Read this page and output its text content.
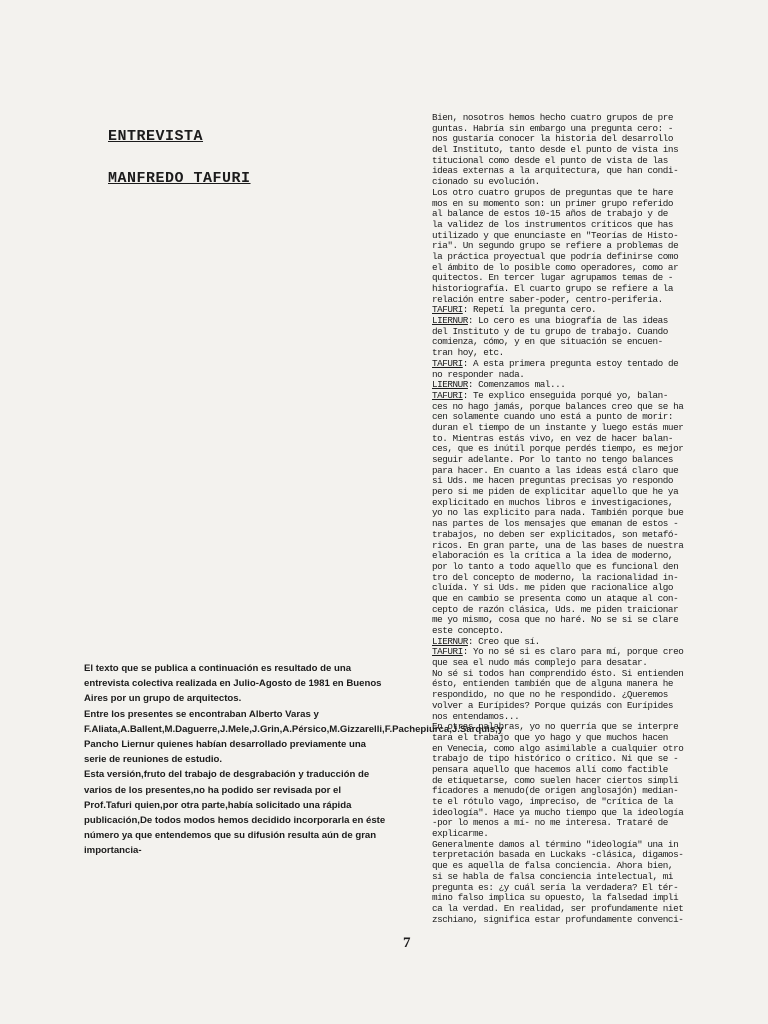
ENTREVISTA
MANFREDO TAFURI

El texto que se publica a continuación es resultado de una entrevista colectiva realizada en Julio-Agosto de 1981 en Buenos Aires por un grupo de arquitectos.

Entre los presentes se encontraban Alberto Varas y F.Aliata,A.Ballent,M.Daguerre,J.Mele,J.Grin,A.Pérsico,M.Gizzarelli,F.Pachepiurca,J.Sarquis,y Pancho Liernur quienes habían desarrollado previamente una serie de reuniones de estudio.

Esta versión,fruto del trabajo de desgrabación y traducción de varios de los presentes,no ha podido ser revisada por el Prof.Tafuri quien,por otra parte,había solicitado una rápida publicación,De todos modos hemos decidido incorporarla en éste número ya que entendemos que su difusión resulta aún de gran importancia-

Bien, nosotros hemos hecho cuatro grupos de pre
guntas. Habría sin embargo una pregunta cero: -
nos gustaría conocer la historia del desarrollo
del Instituto, tanto desde el punto de vista ins
titucional como desde el punto de vista de las
ideas externas a la arquitectura, que han condi-
cionado su evolución.
Los otro cuatro grupos de preguntas que te hare
mos en su momento son: un primer grupo referido
al balance de estos 10-15 años de trabajo y de
la validez de los instrumentos críticos que has
utilizado y que enunciaste en "Teorías de Histo-
ria". Un segundo grupo se refiere a problemas de
la práctica proyectual que podría definirse como
el ámbito de lo posible como operadores, como ar
quitectos. En tercer lugar agrupamos temas de -
historiografía. El cuarto grupo se refiere a la
relación entre saber-poder, centro-periferia.
TAFURI: Repetí la pregunta cero.
LIERNUR: Lo cero es una biografía de las ideas
del Instituto y de tu grupo de trabajo. Cuando
comienza, cómo, y en que situación se encuen-
tran hoy, etc.
TAFURI: A esta primera pregunta estoy tentado de
no responder nada.
LIERNUR: Comenzamos mal...
TAFURI: Te explico enseguida porqué yo, balan-
ces no hago jamás, porque balances creo que se ha
cen solamente cuando uno está a punto de morir:
duran el tiempo de un instante y luego estás muer
to. Mientras estás vivo, en vez de hacer balan-
ces, que es inútil porque perdés tiempo, es mejor
seguir adelante. Por lo tanto no tengo balances
para hacer. En cuanto a las ideas está claro que
si Uds. me hacen preguntas precisas yo respondo
pero si me piden de explicitar aquello que he ya
explicitado en muchos libros e investigaciones,
yo no las explicito para nada. También porque bue
nas partes de los mensajes que emanan de estos -
trabajos, no deben ser explicitados, son metafó-
ricos. En gran parte, una de las bases de nuestra
elaboración es la crítica a la idea de moderno,
por lo tanto a todo aquello que es funcional den
tro del concepto de moderno, la racionalidad in-
cluída. Y si Uds. me piden que racionalice algo
que en cambio se presenta como un ataque al con-
cepto de razón clásica, Uds. me piden traicionar
me yo mismo, cosa que no haré. No se si se clare
este concepto.
LIERNUR: Creo que sí.
TAFURI: Yo no sé si es claro para mí, porque creo
que sea el nudo más complejo para desatar.
No sé si todos han comprendido ésto. Si entienden
ésto, entienden también que de alguna manera he
respondido, no que no he respondido. ¿Queremos
volver a Eurípides? Porque quizás con Eurípides
nos entendamos...
En otras palabras, yo no querría que se interpre
tara el trabajo que yo hago y que muchos hacen
en Venecia, como algo asimilable a cualquier otro
trabajo de tipo histórico o crítico. Ni que se -
pensara aquello que hacemos allí como factible
de etiquetarse, como suelen hacer ciertos simpli
ficadores a menudo(de origen anglosajón) median-
te el rótulo vago, impreciso, de "crítica de la
ideología". Hace ya mucho tiempo que la ideología
-por lo menos a mí- no me interesa. Trataré de
explicarme.
Generalmente damos al término "ideología" una in
terpretación basada en Luckaks -clásica, digamos-
que es aquella de falsa conciencia. Ahora bien,
si se habla de falsa conciencia intelectual, mi
pregunta es: ¿y cuál sería la verdadera? El tér-
mino falso implica su opuesto, la falsedad impli
ca la verdad. En realidad, ser profundamente niet
zschiano, significa estar profundamente convenci-
7
